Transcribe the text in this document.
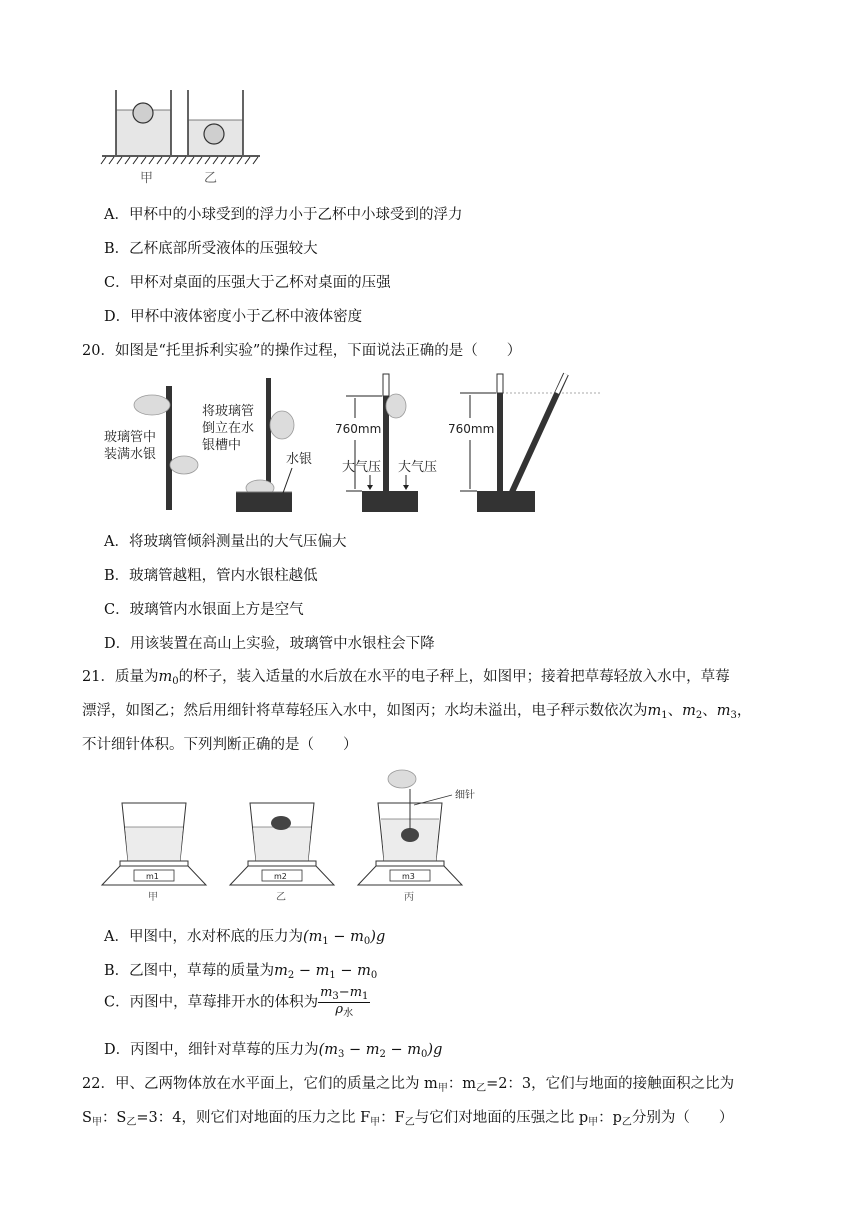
甲	乙
A．甲杯中的小球受到的浮力小于乙杯中小球受到的浮力
B．乙杯底部所受液体的压强较大
C．甲杯对桌面的压强大于乙杯对桌面的压强
D．甲杯中液体密度小于乙杯中液体密度
20．如图是“托里拆利实验”的操作过程，下面说法正确的是（　　）
玻璃管中
装满水银
将玻璃管
倒立在水
银槽中
水银
760mm
大气压 大气压
760mm
A．将玻璃管倾斜测量出的大气压偏大
B．玻璃管越粗，管内水银柱越低
C．玻璃管内水银面上方是空气
D．用该装置在高山上实验，玻璃管中水银柱会下降
21．质量为$m_0$的杯子，装入适量的水后放在水平的电子秤上，如图甲；接着把草莓轻放入水中，草莓
漂浮，如图乙；然后用细针将草莓轻压入水中，如图丙；水均未溢出，电子秤示数依次为$m_1$、$m_2$、$m_3$，
不计细针体积。下列判断正确的是（　　）
m1
甲
m2
乙
细针
m3
丙
A．甲图中，水对杯底的压力为$(m_1 - m_0)g$
B．乙图中，草莓的质量为$m_2 - m_1 - m_0$
C．丙图中，草莓排开水的体积为 $\frac{m_3-m_1}{\rho_水}$
D．丙图中，细针对草莓的压力为$(m_3 - m_2 - m_0)g$
22．甲、乙两物体放在水平面上，它们的质量之比为 $m_甲$：$m_乙=2$：3，它们与地面的接触面积之比为
$S_甲$：$S_乙=3$：4，则它们对地面的压力之比 $F_甲$：$F_乙$与它们对地面的压强之比 $p_甲$：$p_乙$分别为（　　）
